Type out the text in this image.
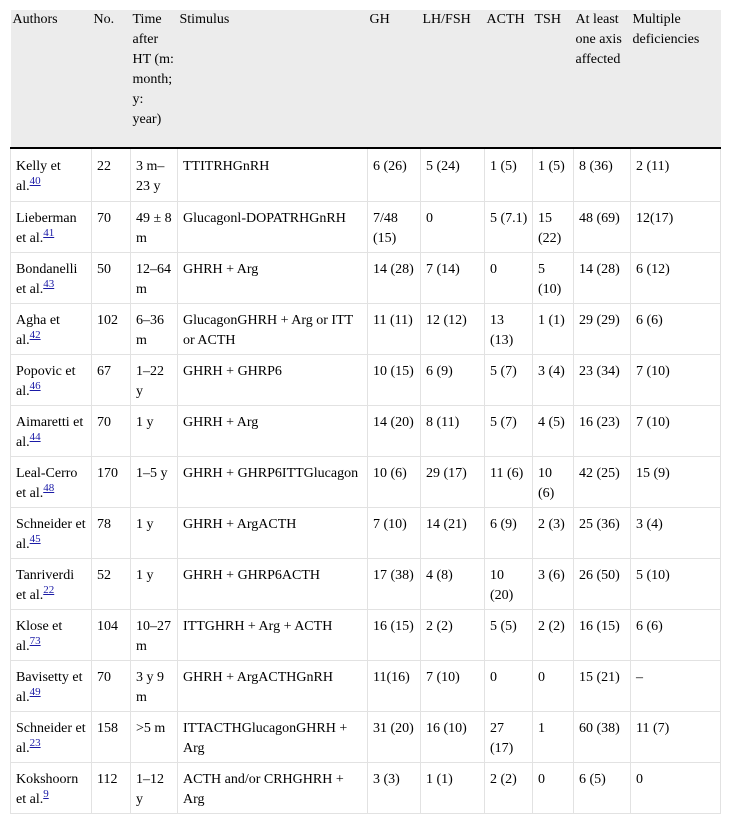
Authors	No.	Time after HT (m: month; y: year)	Stimulus	GH	LH/FSH	ACTH	TSH	At least one axis affected	Multiple deficiencies
Kelly et al.$^{40}$	22	3 m–23 y	TTITRHGnRH	6 (26)	5 (24)	1 (5)	1 (5)	8 (36)	2 (11)
Lieberman et al.$^{41}$	70	49 ± 8 m	Glucagonl-DOPATRHGnRH	7/48 (15)	0	5 (7.1)	15 (22)	48 (69)	12(17)
Bondanelli et al.$^{43}$	50	12–64 m	GHRH + Arg	14 (28)	7 (14)	0	5 (10)	14 (28)	6 (12)
Agha et al.$^{42}$	102	6–36 m	GlucagonGHRH + Arg or ITT or ACTH	11 (11)	12 (12)	13 (13)	1 (1)	29 (29)	6 (6)
Popovic et al.$^{46}$	67	1–22 y	GHRH + GHRP6	10 (15)	6 (9)	5 (7)	3 (4)	23 (34)	7 (10)
Aimaretti et al.$^{44}$	70	1 y	GHRH + Arg	14 (20)	8 (11)	5 (7)	4 (5)	16 (23)	7 (10)
Leal-Cerro et al.$^{48}$	170	1–5 y	GHRH + GHRP6ITTGlucagon	10 (6)	29 (17)	11 (6)	10 (6)	42 (25)	15 (9)
Schneider et al.$^{45}$	78	1 y	GHRH + ArgACTH	7 (10)	14 (21)	6 (9)	2 (3)	25 (36)	3 (4)
Tanriverdi et al.$^{22}$	52	1 y	GHRH + GHRP6ACTH	17 (38)	4 (8)	10 (20)	3 (6)	26 (50)	5 (10)
Klose et al.$^{73}$	104	10–27 m	ITTGHRH + Arg + ACTH	16 (15)	2 (2)	5 (5)	2 (2)	16 (15)	6 (6)
Bavisetty et al.$^{49}$	70	3 y 9 m	GHRH + ArgACTHGnRH	11(16)	7 (10)	0	0	15 (21)	–
Schneider et al.$^{23}$	158	>5 m	ITTACTHGlucagonGHRH + Arg	31 (20)	16 (10)	27 (17)	1	60 (38)	11 (7)
Kokshoorn et al.$^9$	112	1–12 y	ACTH and/or CRHGHRH + Arg	3 (3)	1 (1)	2 (2)	0	6 (5)	0
